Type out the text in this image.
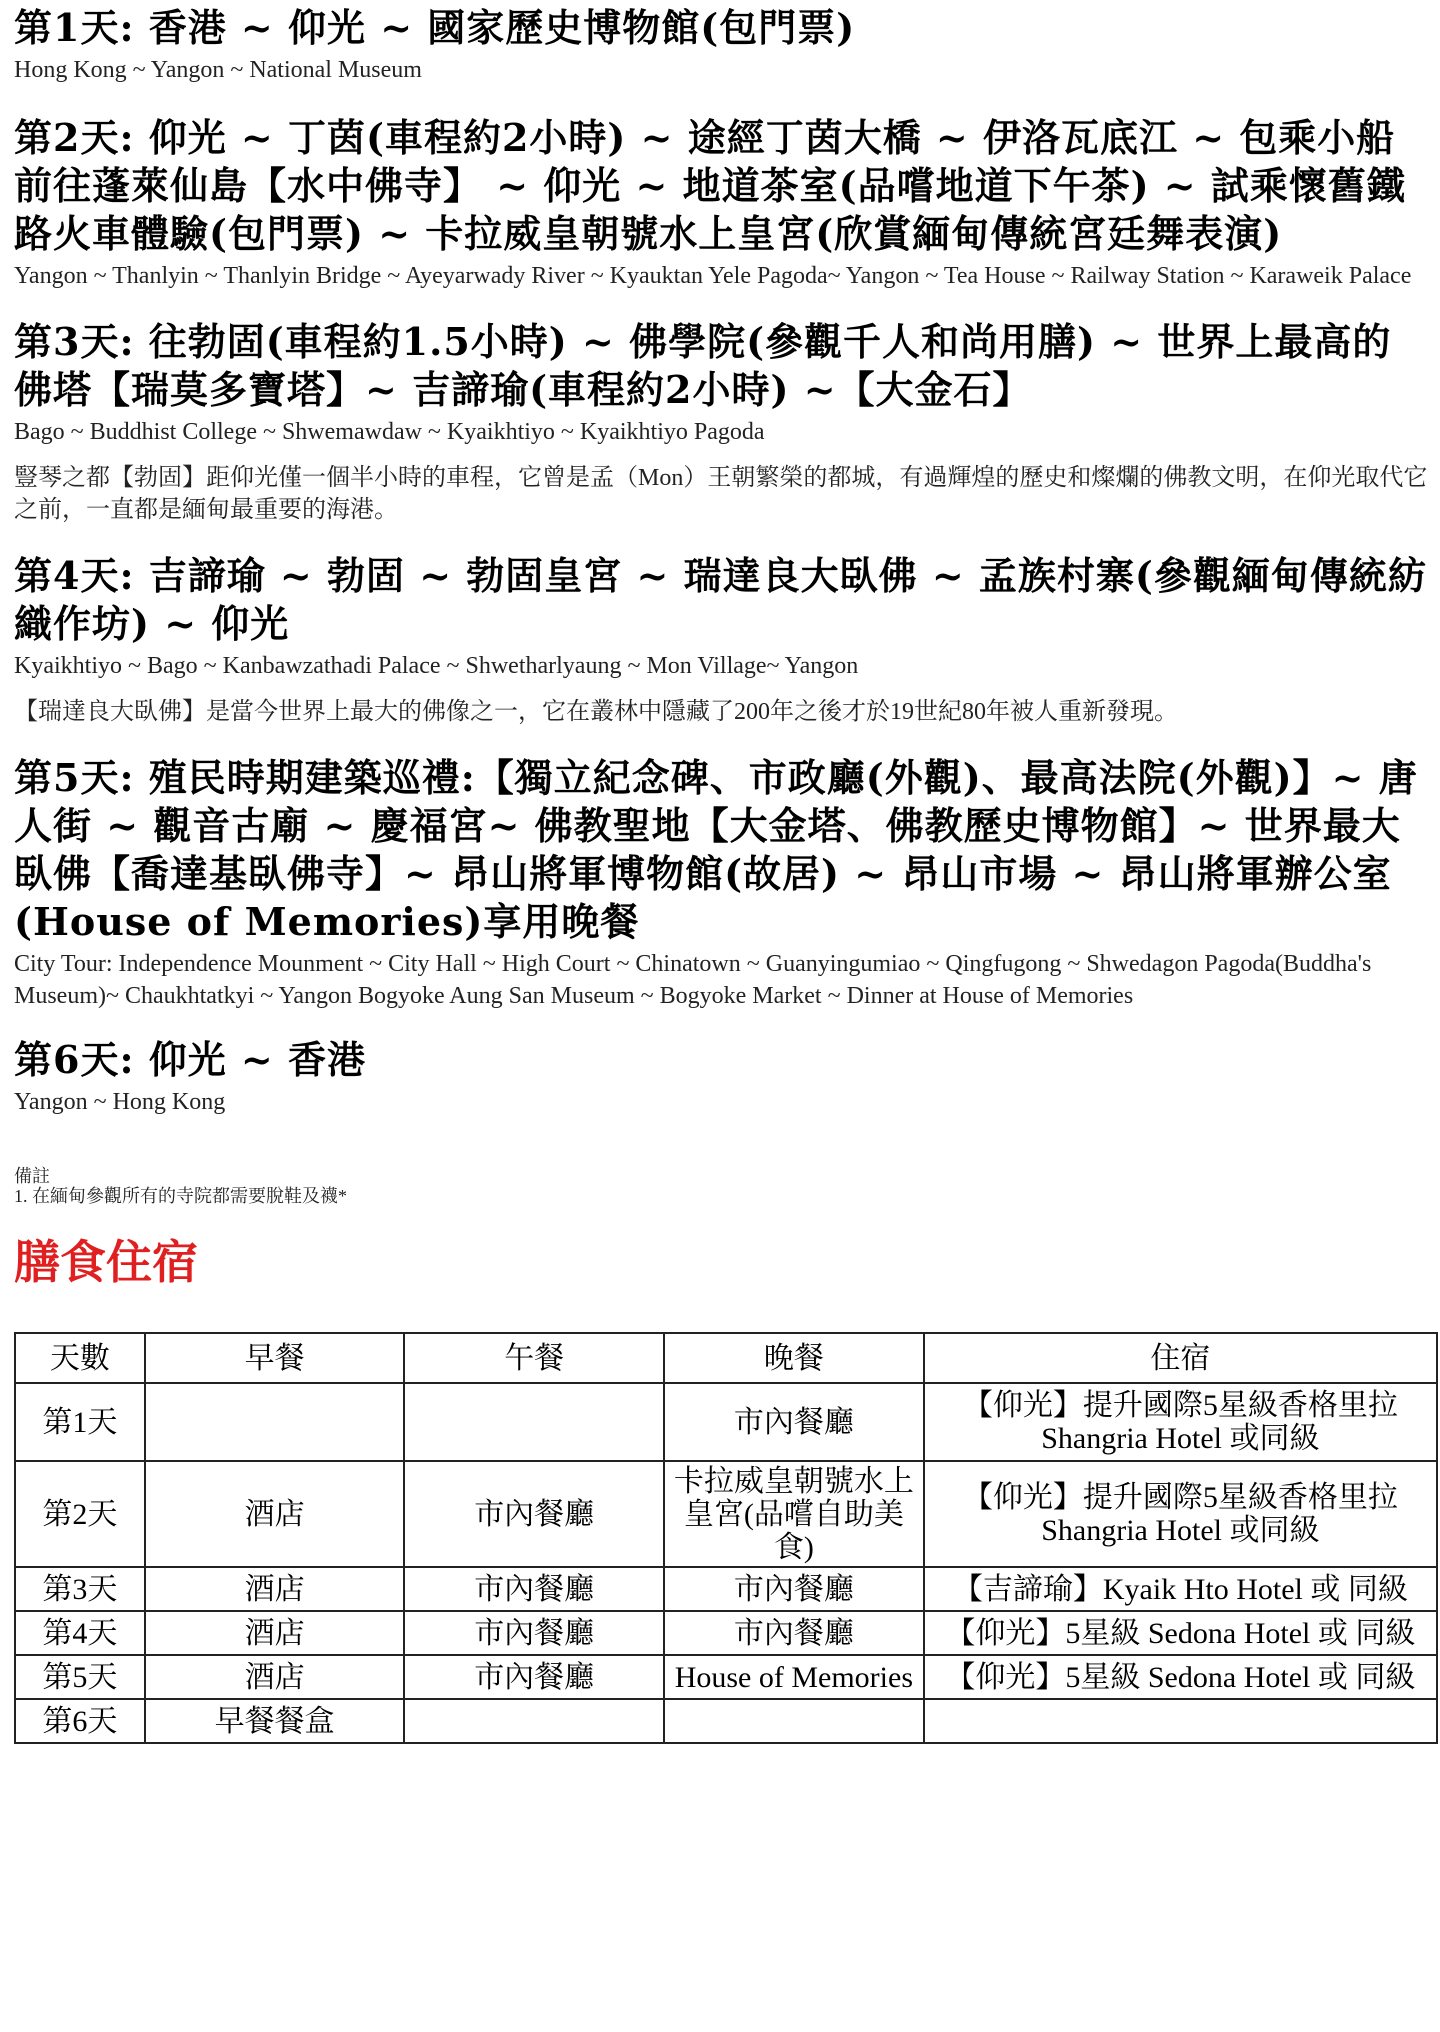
第1天: 香港 ~ 仰光 ~ 國家歷史博物館(包門票)

Hong Kong ~ Yangon ~ National Museum

第2天: 仰光 ~ 丁茵(車程約2小時) ~ 途經丁茵大橋 ~ 伊洛瓦底江 ~ 包乘小船前往蓬萊仙島【水中佛寺】 ~ 仰光 ~ 地道茶室(品嚐地道下午茶) ~ 試乘懷舊鐵路火車體驗(包門票) ~ 卡拉威皇朝號水上皇宮(欣賞緬甸傳統宮廷舞表演)

Yangon ~ Thanlyin ~ Thanlyin Bridge ~ Ayeyarwady River ~ Kyauktan Yele Pagoda~ Yangon ~ Tea House ~ Railway Station ~ Karaweik Palace

第3天: 往勃固(車程約1.5小時) ~ 佛學院(參觀千人和尚用膳) ~ 世界上最高的佛塔【瑞莫多寶塔】~ 吉諦瑜(車程約2小時) ~【大金石】

Bago ~ Buddhist College ~ Shwemawdaw ~ Kyaikhtiyo ~ Kyaikhtiyo Pagoda

豎琴之都【勃固】距仰光僅一個半小時的車程，它曾是孟（Mon）王朝繁榮的都城，有過輝煌的歷史和燦爛的佛教文明，在仰光取代它之前，一直都是緬甸最重要的海港。

第4天: 吉諦瑜 ~ 勃固 ~ 勃固皇宮 ~ 瑞達良大臥佛 ~ 孟族村寨(參觀緬甸傳統紡織作坊) ~ 仰光

Kyaikhtiyo ~ Bago ~ Kanbawzathadi Palace ~ Shwetharlyaung ~ Mon Village~ Yangon

【瑞達良大臥佛】是當今世界上最大的佛像之一，它在叢林中隱藏了200年之後才於19世紀80年被人重新發現。

第5天: 殖民時期建築巡禮:【獨立紀念碑、市政廳(外觀)、最高法院(外觀)】~ 唐人街 ~ 觀音古廟 ~ 慶福宮~ 佛教聖地【大金塔、佛教歷史博物館】~ 世界最大臥佛【喬達基臥佛寺】~ 昂山將軍博物館(故居) ~ 昂山市場 ~ 昂山將軍辦公室(House of Memories)享用晚餐

City Tour: Independence Mounment ~ City Hall ~ High Court ~ Chinatown ~ Guanyingumiao ~ Qingfugong ~ Shwedagon Pagoda(Buddha's Museum)~ Chaukhtatkyi ~ Yangon Bogyoke Aung San Museum ~ Bogyoke Market ~ Dinner at House of Memories

第6天: 仰光 ~ 香港

Yangon ~ Hong Kong

備註
1. 在緬甸參觀所有的寺院都需要脫鞋及襪*
膳食住宿
天數	早餐	午餐	晚餐	住宿
第1天			市內餐廳	【仰光】提升國際5星級香格里拉 Shangria Hotel 或同級
第2天	酒店	市內餐廳	卡拉威皇朝號水上皇宮(品嚐自助美食)	【仰光】提升國際5星級香格里拉 Shangria Hotel 或同級
第3天	酒店	市內餐廳	市內餐廳	【吉諦瑜】Kyaik Hto Hotel 或 同級
第4天	酒店	市內餐廳	市內餐廳	【仰光】5星級 Sedona Hotel 或 同級
第5天	酒店	市內餐廳	House of Memories	【仰光】5星級 Sedona Hotel 或 同級
第6天	早餐餐盒			
